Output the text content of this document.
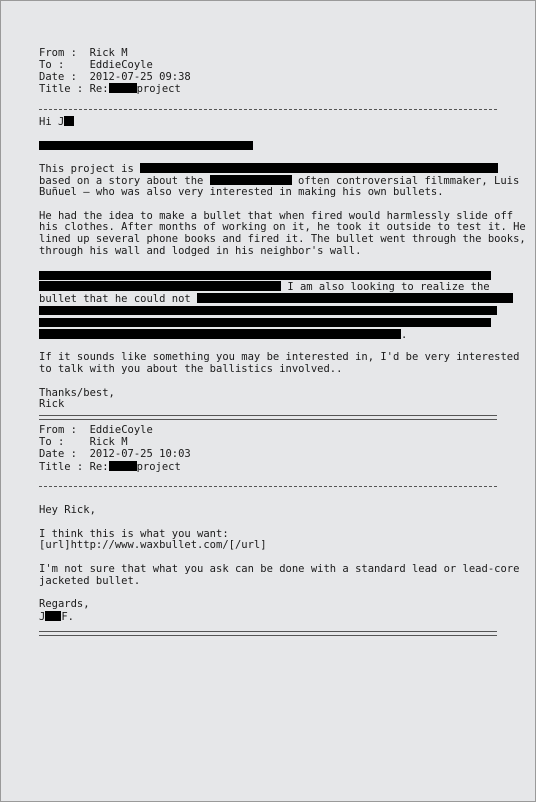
From : Rick M
To : EddieCoyle
Date : 2012-07-25 09:38
Title : Re:	project
Hi J
This project is
based on a story about the	often controversial filmmaker, Luis
Buñuel – who was also very interested in making his own bullets.
He had the idea to make a bullet that when fired would harmlessly slide off
his clothes. After months of working on it, he took it outside to test it. He
lined up several phone books and fired it. The bullet went through the books,
through his wall and lodged in his neighbor's wall.
I am also looking to realize the
bullet that he could not
.
If it sounds like something you may be interested in, I'd be very interested
to talk with you about the ballistics involved..
Thanks/best,
Rick
From : EddieCoyle
To : Rick M
Date : 2012-07-25 10:03
Title : Re:	project
Hey Rick,
I think this is what you want:
[url]http://www.waxbullet.com/[/url]
I'm not sure that what you ask can be done with a standard lead or lead-core
jacketed bullet.
Regards,
J F.
